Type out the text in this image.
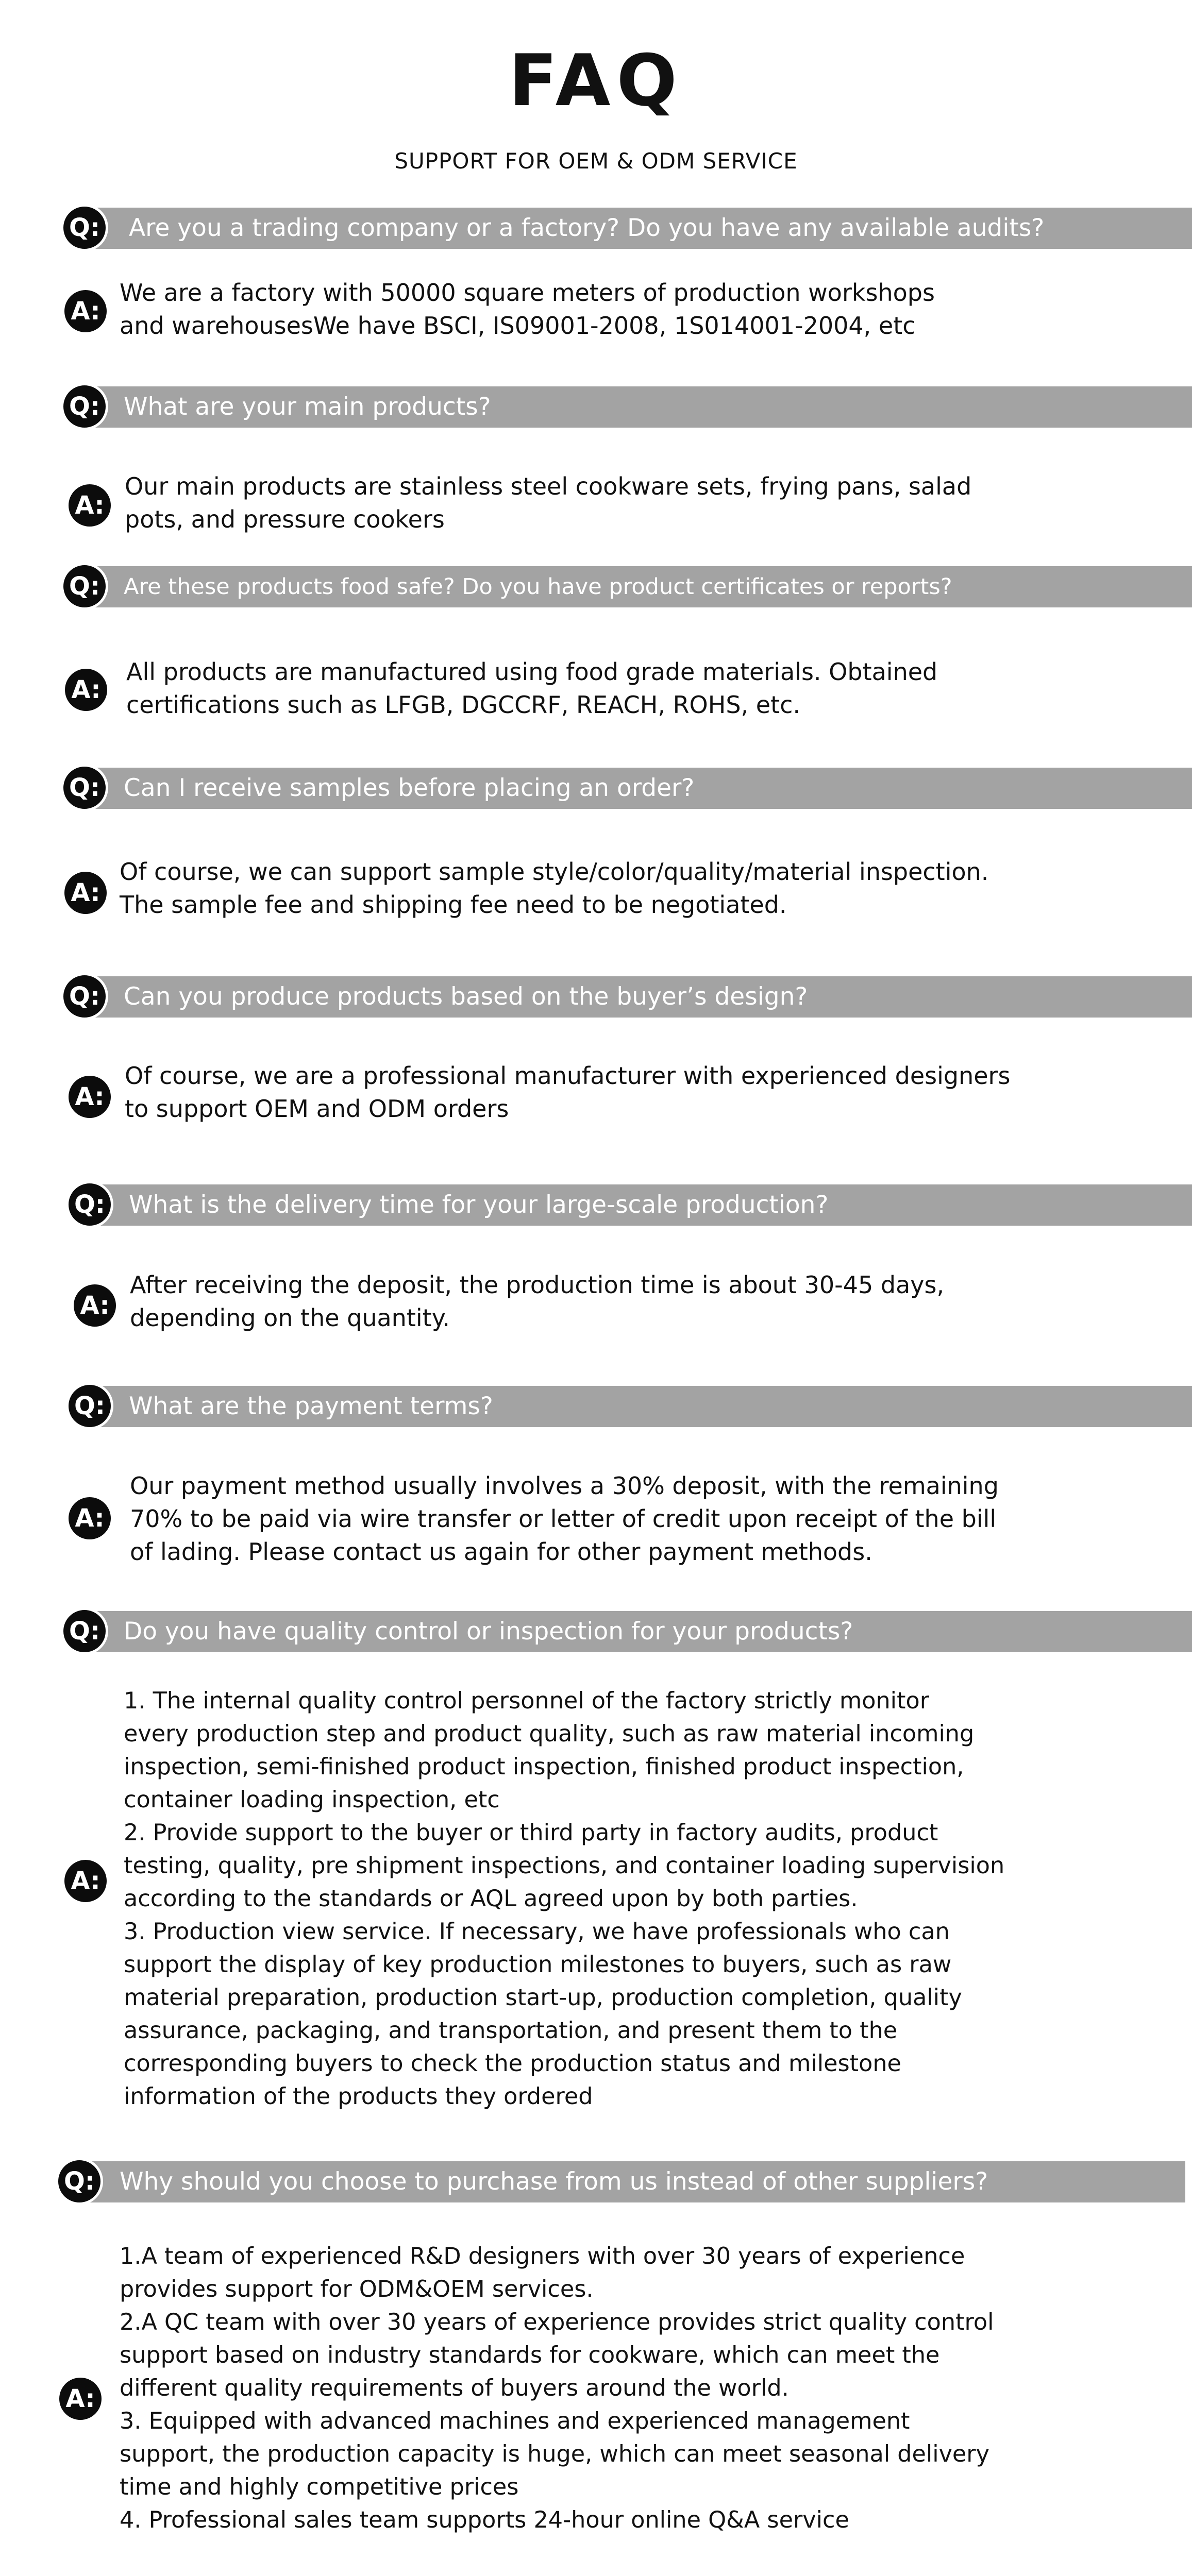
FAQ
SUPPORT FOR OEM & ODM SERVICE
Are you a trading company or a factory? Do you have any available audits?
Q:
A:
We are a factory with 50000 square meters of production workshops
and warehousesWe have BSCI, IS09001-2008, 1S014001-2004, etc
What are your main products?
Q:
A:
Our main products are stainless steel cookware sets, frying pans, salad
pots, and pressure cookers
Are these products food safe? Do you have product certificates or reports?
Q:
A:
All products are manufactured using food grade materials. Obtained
certifications such as LFGB, DGCCRF, REACH, ROHS, etc.
Can I receive samples before placing an order?
Q:
A:
Of course, we can support sample style/color/quality/material inspection.
The sample fee and shipping fee need to be negotiated.
Can you produce products based on the buyer’s design?
Q:
A:
Of course, we are a professional manufacturer with experienced designers
to support OEM and ODM orders
What is the delivery time for your large-scale production?
Q:
A:
After receiving the deposit, the production time is about 30-45 days,
depending on the quantity.
What are the payment terms?
Q:
A:
Our payment method usually involves a 30% deposit, with the remaining
70% to be paid via wire transfer or letter of credit upon receipt of the bill
of lading. Please contact us again for other payment methods.
Do you have quality control or inspection for your products?
Q:
A:
1. The internal quality control personnel of the factory strictly monitor
every production step and product quality, such as raw material incoming
inspection, semi-finished product inspection, finished product inspection,
container loading inspection, etc
2. Provide support to the buyer or third party in factory audits, product
testing, quality, pre shipment inspections, and container loading supervision
according to the standards or AQL agreed upon by both parties.
3. Production view service. If necessary, we have professionals who can
support the display of key production milestones to buyers, such as raw
material preparation, production start-up, production completion, quality
assurance, packaging, and transportation, and present them to the
corresponding buyers to check the production status and milestone
information of the products they ordered
Why should you choose to purchase from us instead of other suppliers?
Q:
A:
1.A team of experienced R&D designers with over 30 years of experience
provides support for ODM&OEM services.
2.A QC team with over 30 years of experience provides strict quality control
support based on industry standards for cookware, which can meet the
different quality requirements of buyers around the world.
3. Equipped with advanced machines and experienced management
support, the production capacity is huge, which can meet seasonal delivery
time and highly competitive prices
4. Professional sales team supports 24-hour online Q&A service
